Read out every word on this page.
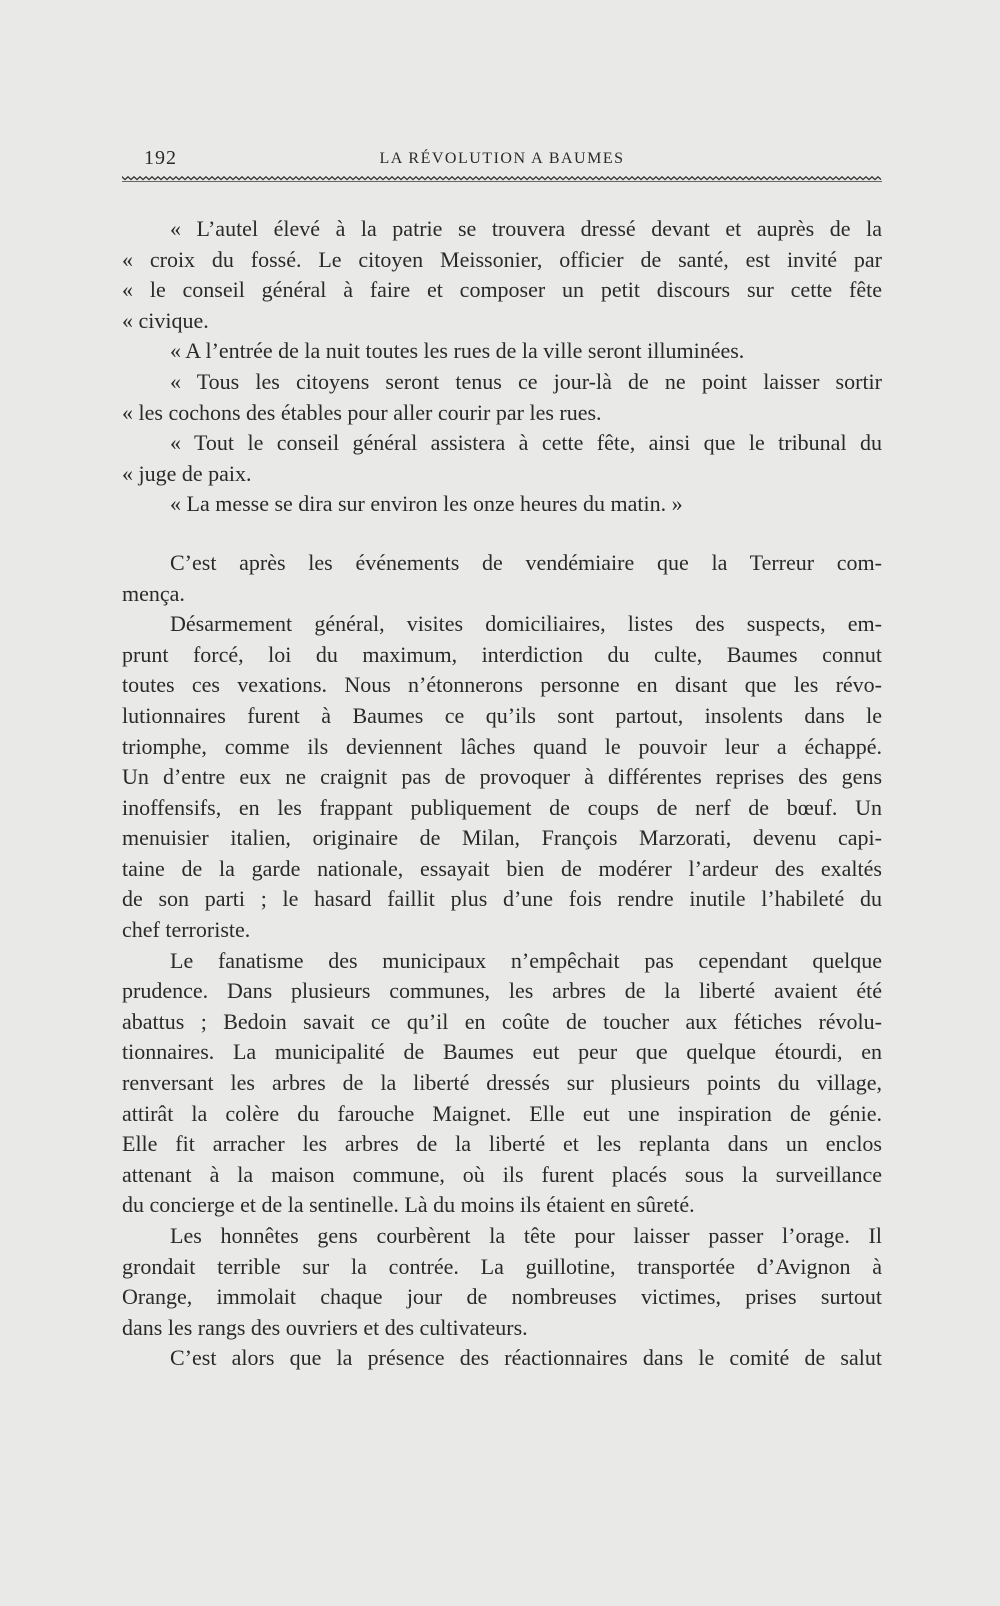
192	LA RÉVOLUTION A BAUMES
« L’autel élevé à la patrie se trouvera dressé devant et auprès de la
« croix du fossé. Le citoyen Meissonier, officier de santé, est invité par
« le conseil général à faire et composer un petit discours sur cette fête
« civique.
« A l’entrée de la nuit toutes les rues de la ville seront illuminées.
« Tous les citoyens seront tenus ce jour-là de ne point laisser sortir
« les cochons des étables pour aller courir par les rues.
« Tout le conseil général assistera à cette fête, ainsi que le tribunal du
« juge de paix.
« La messe se dira sur environ les onze heures du matin. »
C’est après les événements de vendémiaire que la Terreur com-
mença.
Désarmement général, visites domiciliaires, listes des suspects, em-
prunt forcé, loi du maximum, interdiction du culte, Baumes connut
toutes ces vexations. Nous n’étonnerons personne en disant que les révo-
lutionnaires furent à Baumes ce qu’ils sont partout, insolents dans le
triomphe, comme ils deviennent lâches quand le pouvoir leur a échappé.
Un d’entre eux ne craignit pas de provoquer à différentes reprises des gens
inoffensifs, en les frappant publiquement de coups de nerf de bœuf. Un
menuisier italien, originaire de Milan, François Marzorati, devenu capi-
taine de la garde nationale, essayait bien de modérer l’ardeur des exaltés
de son parti ; le hasard faillit plus d’une fois rendre inutile l’habileté du
chef terroriste.
Le fanatisme des municipaux n’empêchait pas cependant quelque
prudence. Dans plusieurs communes, les arbres de la liberté avaient été
abattus ; Bedoin savait ce qu’il en coûte de toucher aux fétiches révolu-
tionnaires. La municipalité de Baumes eut peur que quelque étourdi, en
renversant les arbres de la liberté dressés sur plusieurs points du village,
attirât la colère du farouche Maignet. Elle eut une inspiration de génie.
Elle fit arracher les arbres de la liberté et les replanta dans un enclos
attenant à la maison commune, où ils furent placés sous la surveillance
du concierge et de la sentinelle. Là du moins ils étaient en sûreté.
Les honnêtes gens courbèrent la tête pour laisser passer l’orage. Il
grondait terrible sur la contrée. La guillotine, transportée d’Avignon à
Orange, immolait chaque jour de nombreuses victimes, prises surtout
dans les rangs des ouvriers et des cultivateurs.
C’est alors que la présence des réactionnaires dans le comité de salut
